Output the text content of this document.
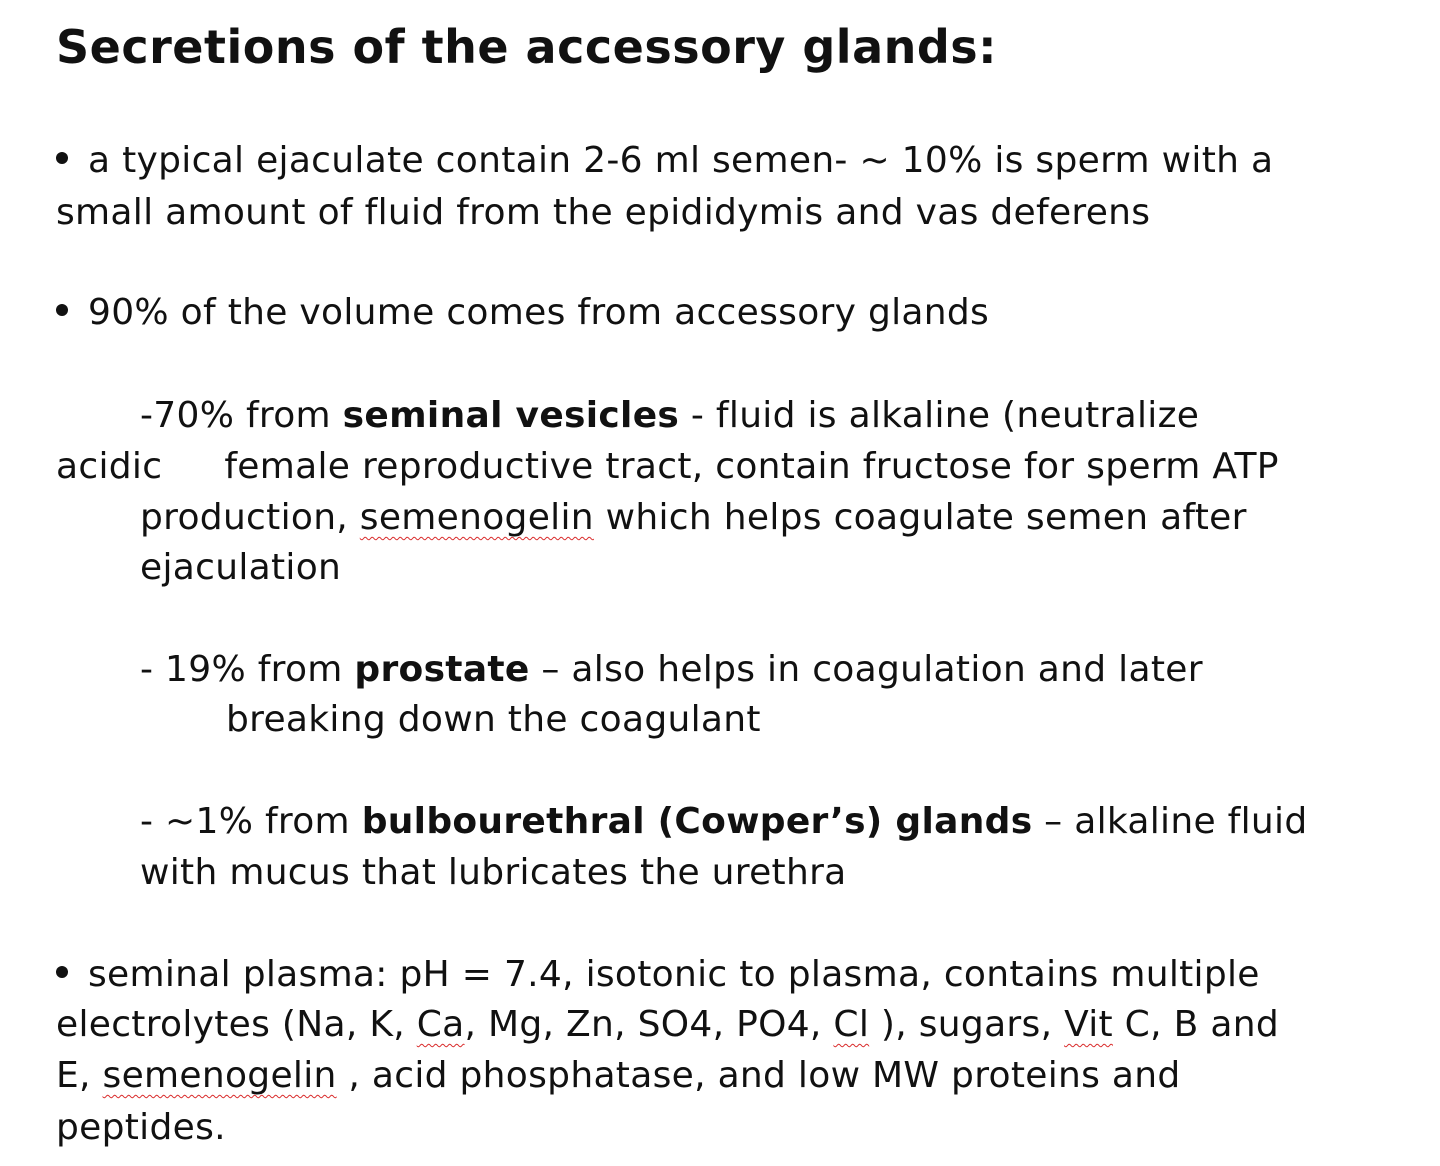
Secretions of the accessory glands:
a typical ejaculate contain 2-6 ml semen- ~ 10% is sperm with a
small amount of fluid from the epididymis and vas deferens
90% of the volume comes from accessory glands
-70% from seminal vesicles - fluid is alkaline (neutralize
acidic female reproductive tract, contain fructose for sperm ATP
production, semenogelin which helps coagulate semen after
ejaculation
- 19% from prostate – also helps in coagulation and later
breaking down the coagulant
- ~1% from bulbourethral (Cowper’s) glands – alkaline fluid
with mucus that lubricates the urethra
seminal plasma: pH = 7.4, isotonic to plasma, contains multiple
electrolytes (Na, K, Ca, Mg, Zn, SO4, PO4, Cl ), sugars, Vit C, B and
E, semenogelin , acid phosphatase, and low MW proteins and
peptides.
